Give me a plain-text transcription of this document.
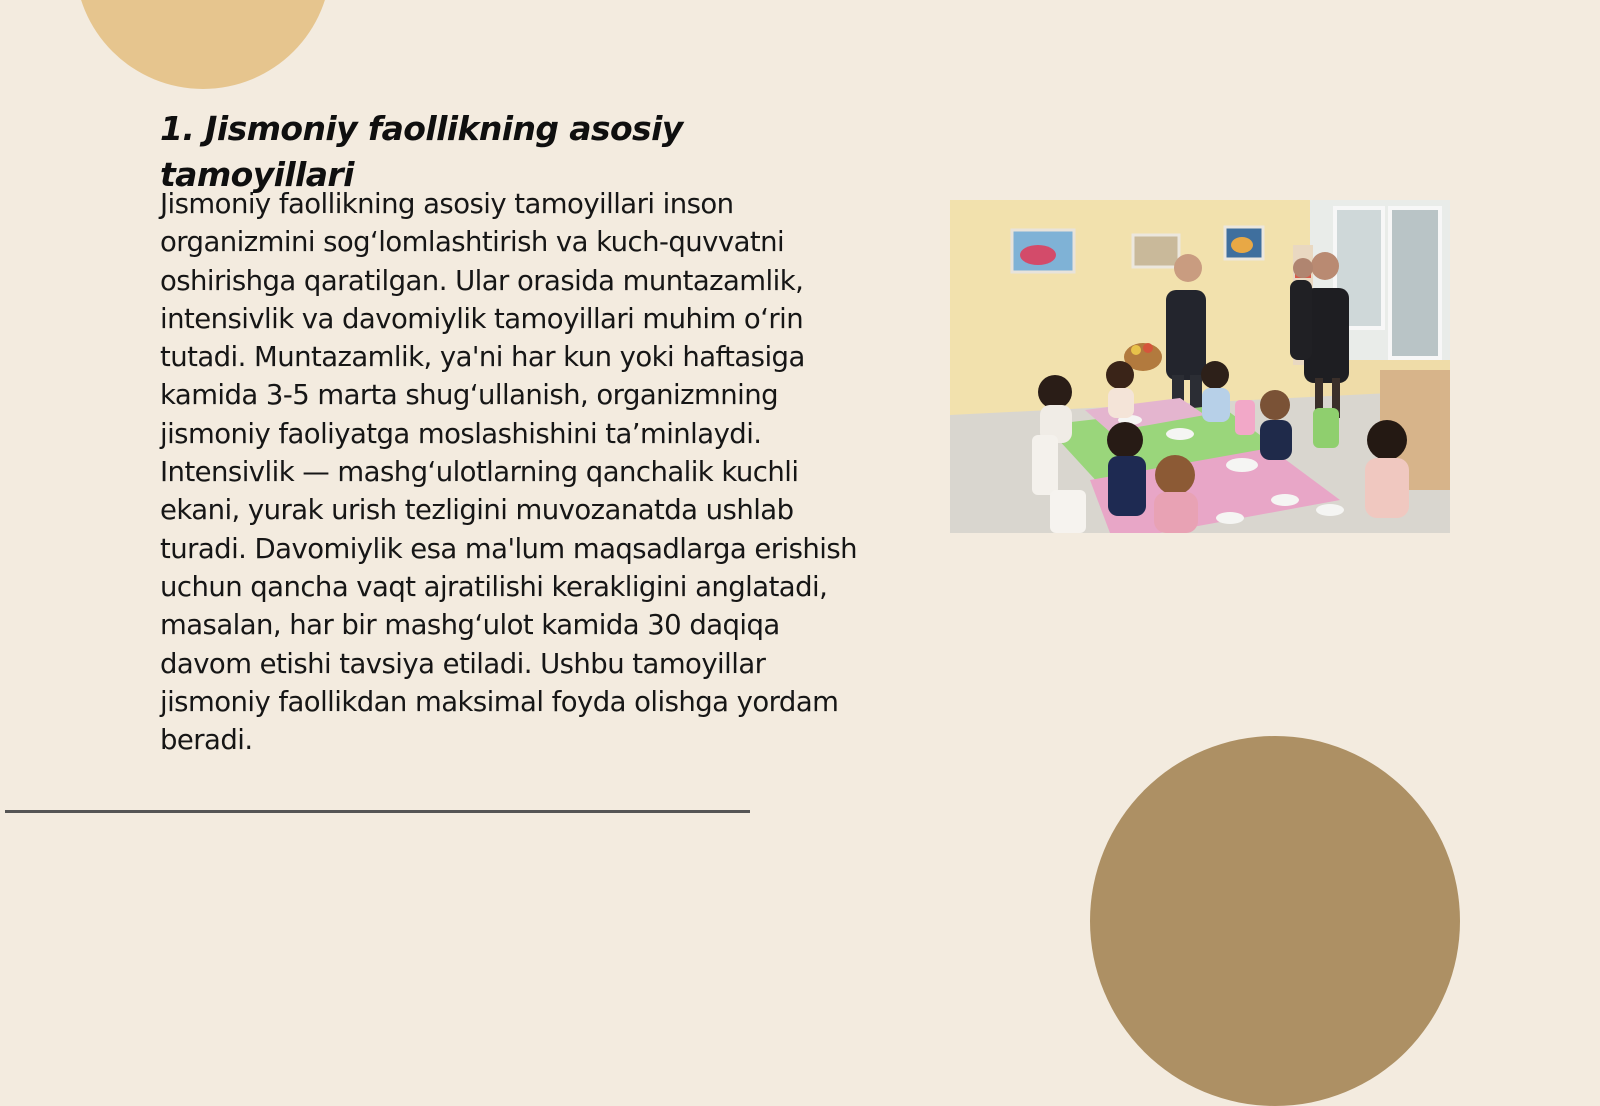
1. Jismoniy faollikning asosiy tamoyillari

Jismoniy faollikning asosiy tamoyillari inson organizmini sog‘lomlashtirish va kuch-quvvatni oshirishga qaratilgan. Ular orasida muntazamlik, intensivlik va davomiylik tamoyillari muhim o‘rin tutadi. Muntazamlik, ya'ni har kun yoki haftasiga kamida 3-5 marta shug‘ullanish, organizmning jismoniy faoliyatga moslashishini ta’minlaydi. Intensivlik — mashg‘ulotlarning qanchalik kuchli ekani, yurak urish tezligini muvozanatda ushlab turadi. Davomiylik esa ma'lum maqsadlarga erishish uchun qancha vaqt ajratilishi kerakligini anglatadi, masalan, har bir mashg‘ulot kamida 30 daqiqa davom etishi tavsiya etiladi. Ushbu tamoyillar jismoniy faollikdan maksimal foyda olishga yordam beradi.
